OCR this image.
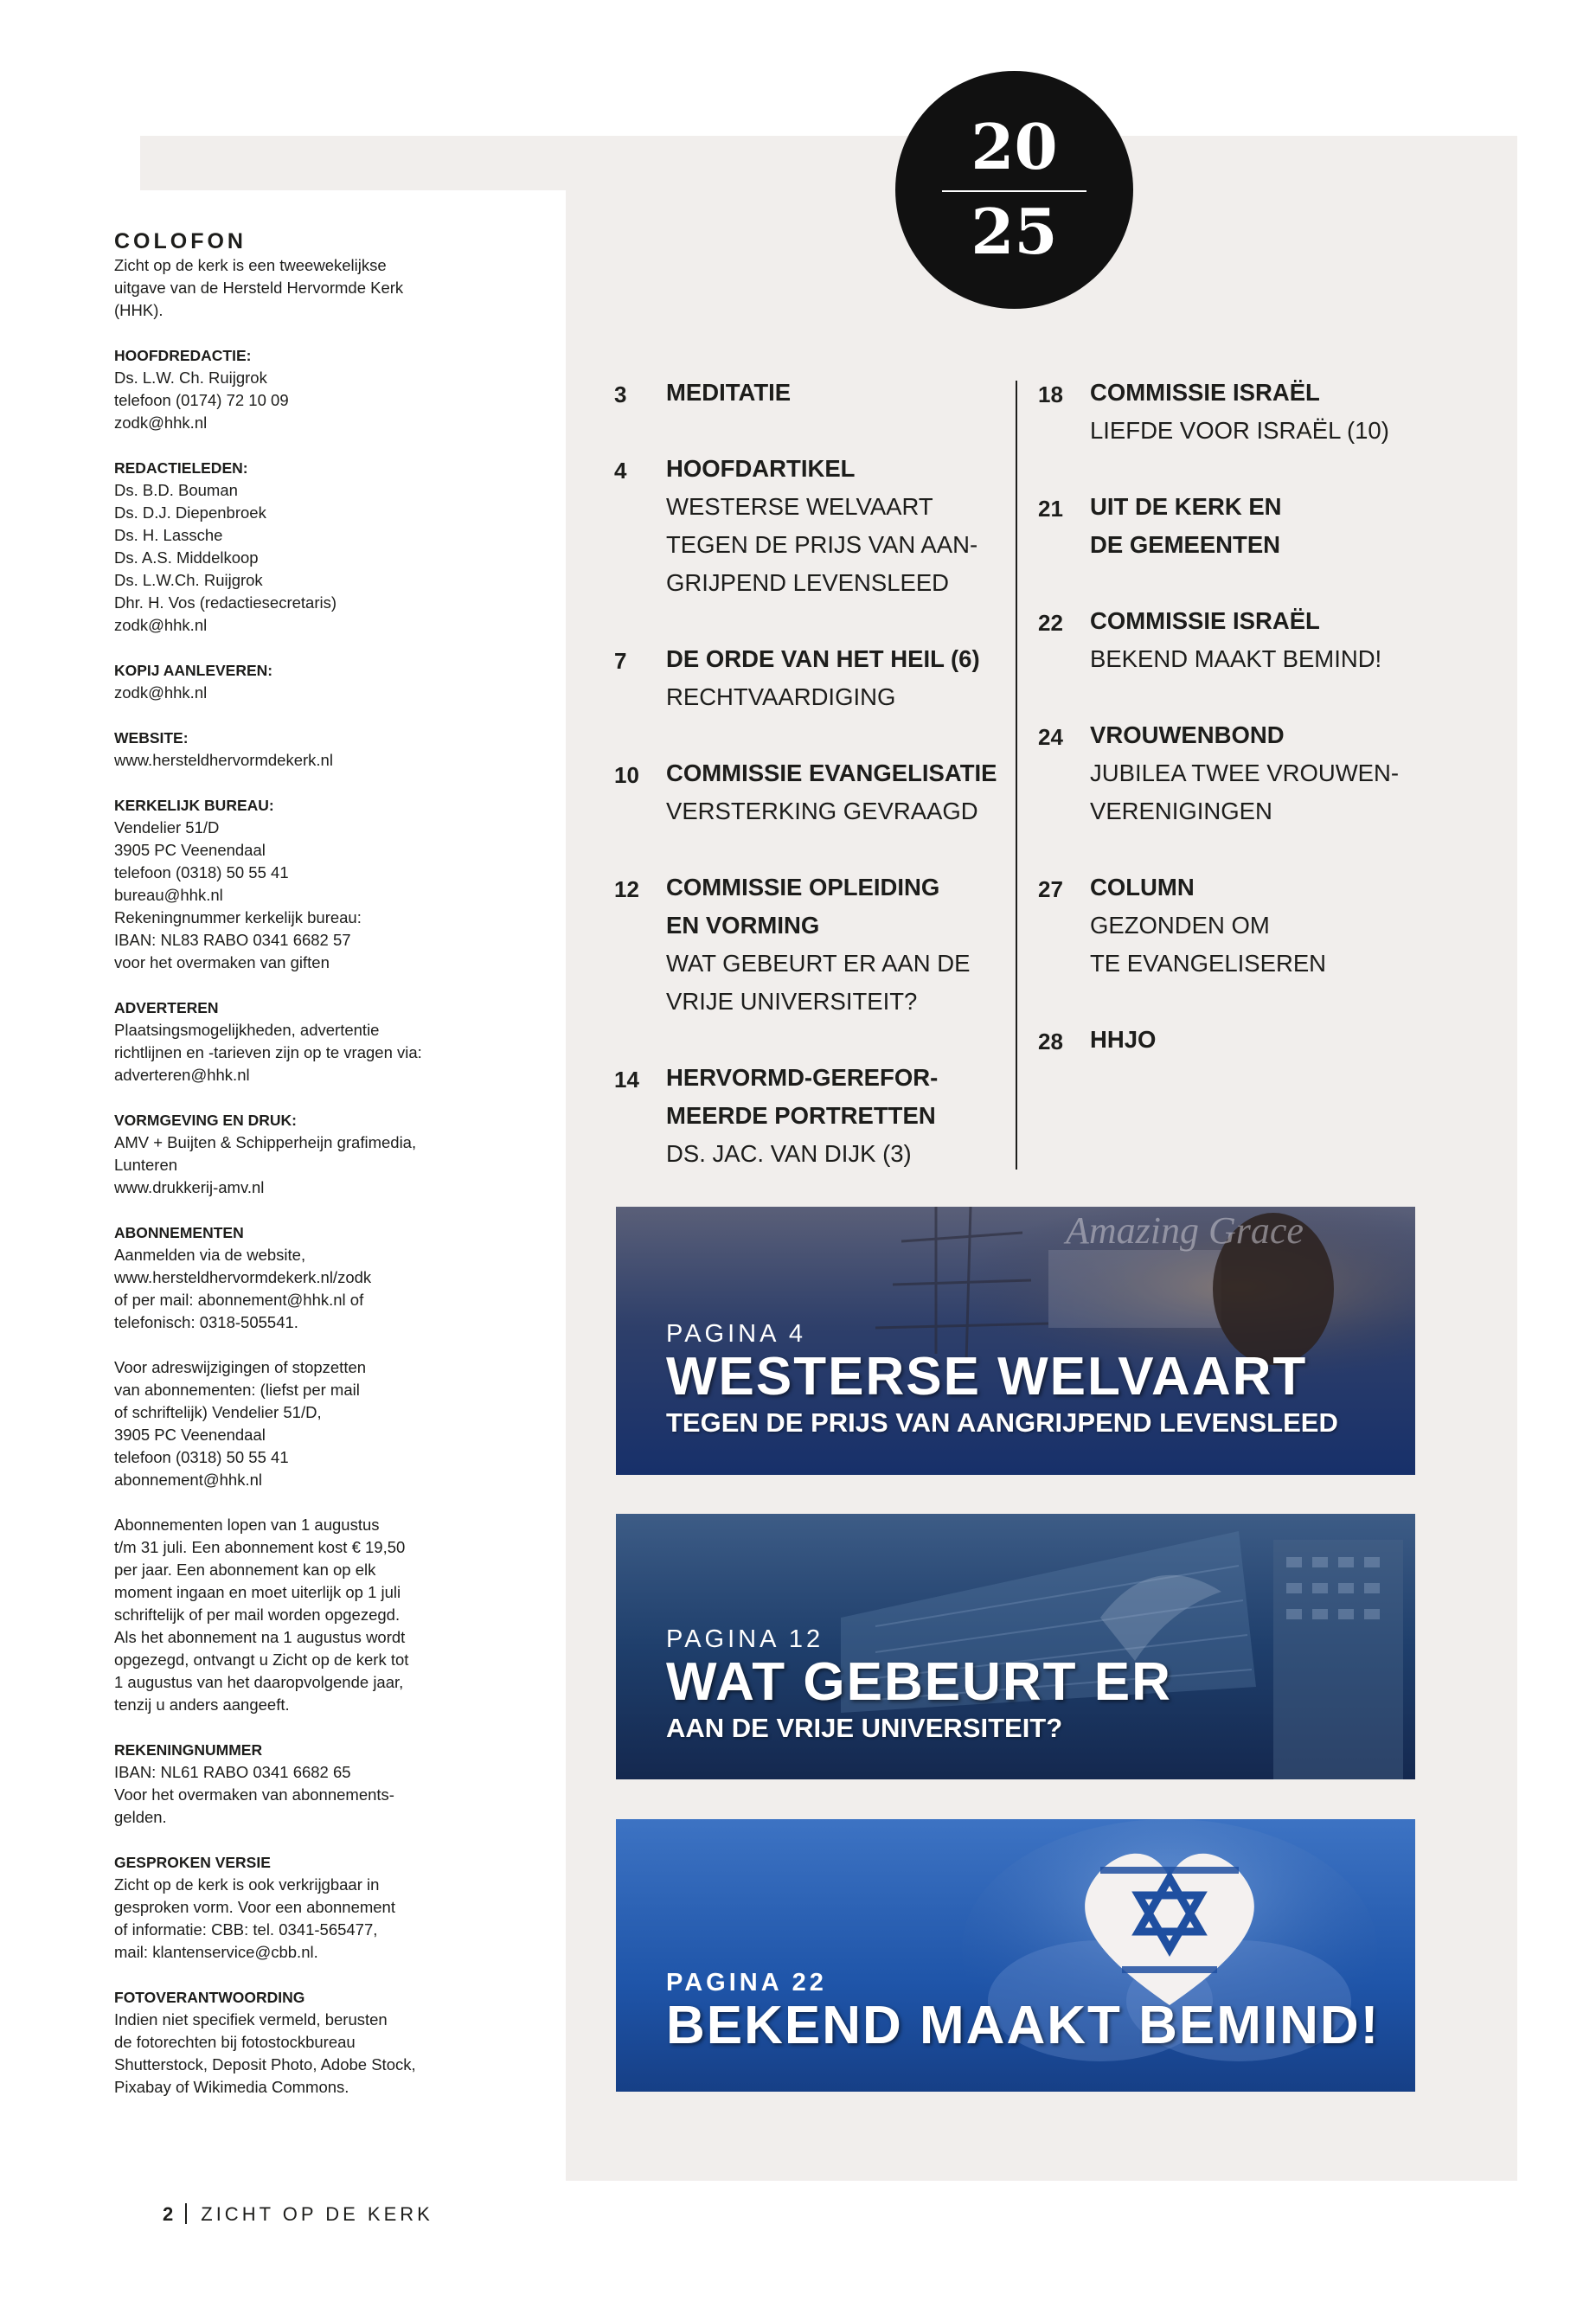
20
25
COLOFON
Zicht op de kerk is een tweewekelijkse
uitgave van de Hersteld Hervormde Kerk
(HHK).
HOOFDREDACTIE:
Ds. L.W. Ch. Ruijgrok
telefoon (0174) 72 10 09
zodk@hhk.nl
REDACTIELEDEN:
Ds. B.D. Bouman
Ds. D.J. Diepenbroek
Ds. H. Lassche
Ds. A.S. Middelkoop
Ds. L.W.Ch. Ruijgrok
Dhr. H. Vos (redactiesecretaris)
zodk@hhk.nl
KOPIJ AANLEVEREN:
zodk@hhk.nl
WEBSITE:
www.hersteldhervormdekerk.nl
KERKELIJK BUREAU:
Vendelier 51/D
3905 PC Veenendaal
telefoon (0318) 50 55 41
bureau@hhk.nl
Rekeningnummer kerkelijk bureau:
IBAN: NL83 RABO 0341 6682 57
voor het overmaken van giften
ADVERTEREN
Plaatsingsmogelijkheden, advertentie
richtlijnen en -tarieven zijn op te vragen via:
adverteren@hhk.nl
VORMGEVING EN DRUK:
AMV + Buijten & Schipperheijn grafimedia,
Lunteren
www.drukkerij-amv.nl
ABONNEMENTEN
Aanmelden via de website,
www.hersteldhervormdekerk.nl/zodk
of per mail: abonnement@hhk.nl of
telefonisch: 0318-505541.
Voor adreswijzigingen of stopzetten
van abonnementen: (liefst per mail
of schriftelijk) Vendelier 51/D,
3905 PC Veenendaal
telefoon (0318) 50 55 41
abonnement@hhk.nl
Abonnementen lopen van 1 augustus
t/m 31 juli. Een abonnement kost € 19,50
per jaar. Een abonnement kan op elk
moment ingaan en moet uiterlijk op 1 juli
schriftelijk of per mail worden opgezegd.
Als het abonnement na 1 augustus wordt
opgezegd, ontvangt u Zicht op de kerk tot
1 augustus van het daaropvolgende jaar,
tenzij u anders aangeeft.
REKENINGNUMMER
IBAN: NL61 RABO 0341 6682 65
Voor het overmaken van abonnements-
gelden.
GESPROKEN VERSIE
Zicht op de kerk is ook verkrijgbaar in
gesproken vorm. Voor een abonnement
of informatie: CBB: tel. 0341-565477,
mail: klantenservice@cbb.nl.
FOTOVERANTWOORDING
Indien niet specifiek vermeld, berusten
de fotorechten bij fotostockbureau
Shutterstock, Deposit Photo, Adobe Stock,
Pixabay of Wikimedia Commons.
3 MEDITATIE
4 HOOFDARTIKEL
WESTERSE WELVAART
TEGEN DE PRIJS VAN AAN-
GRIJPEND LEVENSLEED
7 DE ORDE VAN HET HEIL (6)
RECHTVAARDIGING
10 COMMISSIE EVANGELISATIE
VERSTERKING GEVRAAGD
12 COMMISSIE OPLEIDING
EN VORMING
WAT GEBEURT ER AAN DE
VRIJE UNIVERSITEIT?
14 HERVORMD-GEREFOR-
MEERDE PORTRETTEN
DS. JAC. VAN DIJK (3)
18 COMMISSIE ISRAËL
LIEFDE VOOR ISRAËL (10)
21 UIT DE KERK EN
DE GEMEENTEN
22 COMMISSIE ISRAËL
BEKEND MAAKT BEMIND!
24 VROUWENBOND
JUBILEA TWEE VROUWEN-
VERENIGINGEN
27 COLUMN
GEZONDEN OM
TE EVANGELISEREN
28 HHJO
Amazing Grace
PAGINA 4
WESTERSE WELVAART
TEGEN DE PRIJS VAN AANGRIJPEND LEVENSLEED
PAGINA 12
WAT GEBEURT ER
AAN DE VRIJE UNIVERSITEIT?
PAGINA 22
BEKEND MAAKT BEMIND!
2 ZICHT OP DE KERK
